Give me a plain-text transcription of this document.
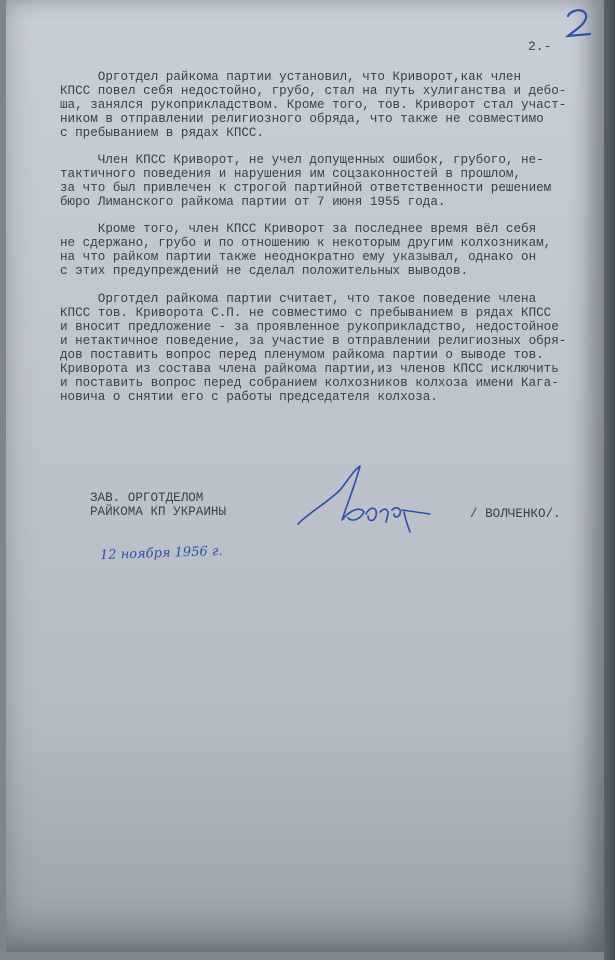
2.-
Орготдел райкома партии установил, что Криворот,как член
КПСС повел себя недостойно, грубо, стал на путь хулиганства и дебо-
ша, занялся рукоприкладством. Кроме того, тов. Криворот стал участ-
ником в отправлении религиозного обряда, что также не совместимо
с пребыванием в рядах КПСС.
Член КПСС Криворот, не учел допущенных ошибок, грубого, не-
тактичного поведения и нарушения им соцзаконностей в прошлом,
за что был привлечен к строгой партийной ответственности решением
бюро Лиманского райкома партии от 7 июня 1955 года.
Кроме того, член КПСС Криворот за последнее время вёл себя
не сдержано, грубо и по отношению к некоторым другим колхозникам,
на что райком партии также неоднократно ему указывал, однако он
с этих предупреждений не сделал положительных выводов.
Орготдел райкома партии считает, что такое поведение члена
КПСС тов. Криворота С.П. не совместимо с пребыванием в рядах КПСС
и вносит предложение - за проявленное рукоприкладство, недостойное
и нетактичное поведение, за участие в отправлении религиозных обря-
дов поставить вопрос перед пленумом райкома партии о выводе тов.
Криворота из состава члена райкома партии,из членов КПСС исключить
и поставить вопрос перед собранием колхозников колхоза имени Кага-
новича о снятии его с работы председателя колхоза.
ЗАВ. ОРГОТДЕЛОМ
РАЙКОМА КП УКРАИНЫ	/ ВОЛЧЕНКО/.
12 ноября 1956 г.
